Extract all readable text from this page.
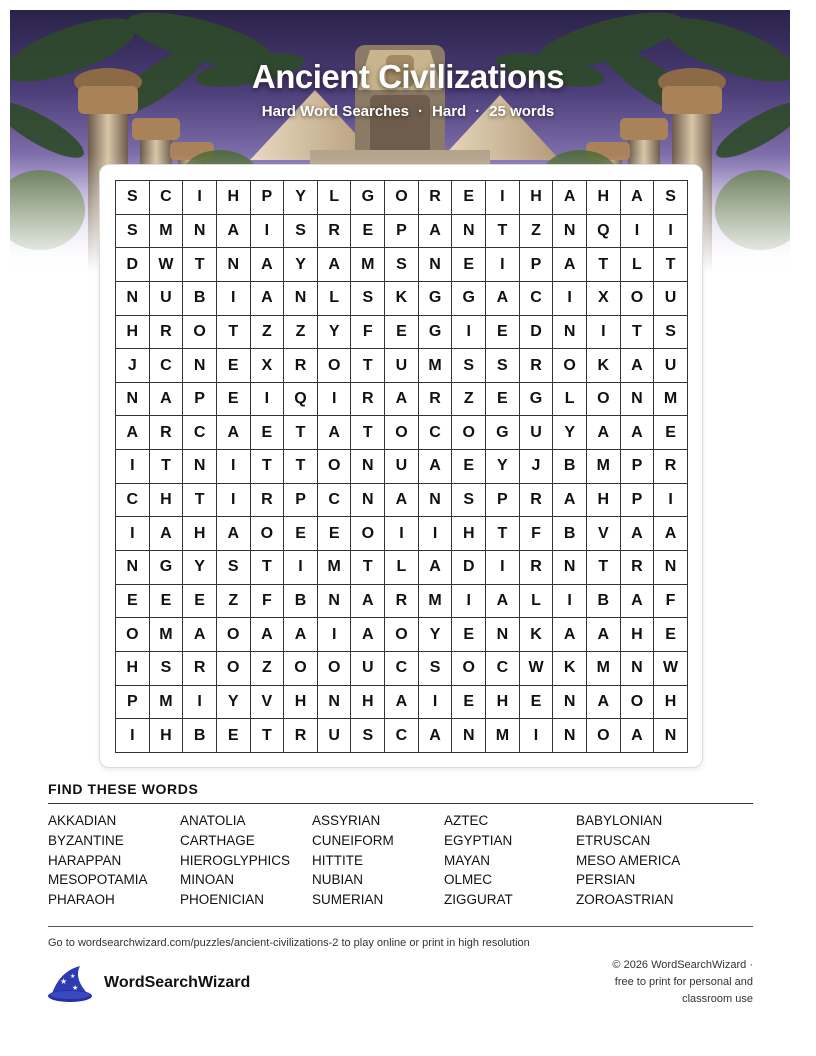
Ancient Civilizations
Hard Word Searches · Hard · 25 words
S	C	I	H	P	Y	L	G	O	R	E	I	H	A	H	A	S
S	M	N	A	I	S	R	E	P	A	N	T	Z	N	Q	I	I
D	W	T	N	A	Y	A	M	S	N	E	I	P	A	T	L	T
N	U	B	I	A	N	L	S	K	G	G	A	C	I	X	O	U
H	R	O	T	Z	Z	Y	F	E	G	I	E	D	N	I	T	S
J	C	N	E	X	R	O	T	U	M	S	S	R	O	K	A	U
N	A	P	E	I	Q	I	R	A	R	Z	E	G	L	O	N	M
A	R	C	A	E	T	A	T	O	C	O	G	U	Y	A	A	E
I	T	N	I	T	T	O	N	U	A	E	Y	J	B	M	P	R
C	H	T	I	R	P	C	N	A	N	S	P	R	A	H	P	I
I	A	H	A	O	E	E	O	I	I	H	T	F	B	V	A	A
N	G	Y	S	T	I	M	T	L	A	D	I	R	N	T	R	N
E	E	E	Z	F	B	N	A	R	M	I	A	L	I	B	A	F
O	M	A	O	A	A	I	A	O	Y	E	N	K	A	A	H	E
H	S	R	O	Z	O	O	U	C	S	O	C	W	K	M	N	W
P	M	I	Y	V	H	N	H	A	I	E	H	E	N	A	O	H
I	H	B	E	T	R	U	S	C	A	N	M	I	N	O	A	N
FIND THESE WORDS
AKKADIAN	ANATOLIA	ASSYRIAN	AZTEC	BABYLONIAN
BYZANTINE	CARTHAGE	CUNEIFORM	EGYPTIAN	ETRUSCAN
HARAPPAN	HIEROGLYPHICS	HITTITE	MAYAN	MESO AMERICA
MESOPOTAMIA	MINOAN	NUBIAN	OLMEC	PERSIAN
PHARAOH	PHOENICIAN	SUMERIAN	ZIGGURAT	ZOROASTRIAN
Go to wordsearchwizard.com/puzzles/ancient-civilizations-2 to play online or print in high resolution
★
★
★ WordSearchWizard
© 2026 WordSearchWizard ·
free to print for personal and
classroom use
